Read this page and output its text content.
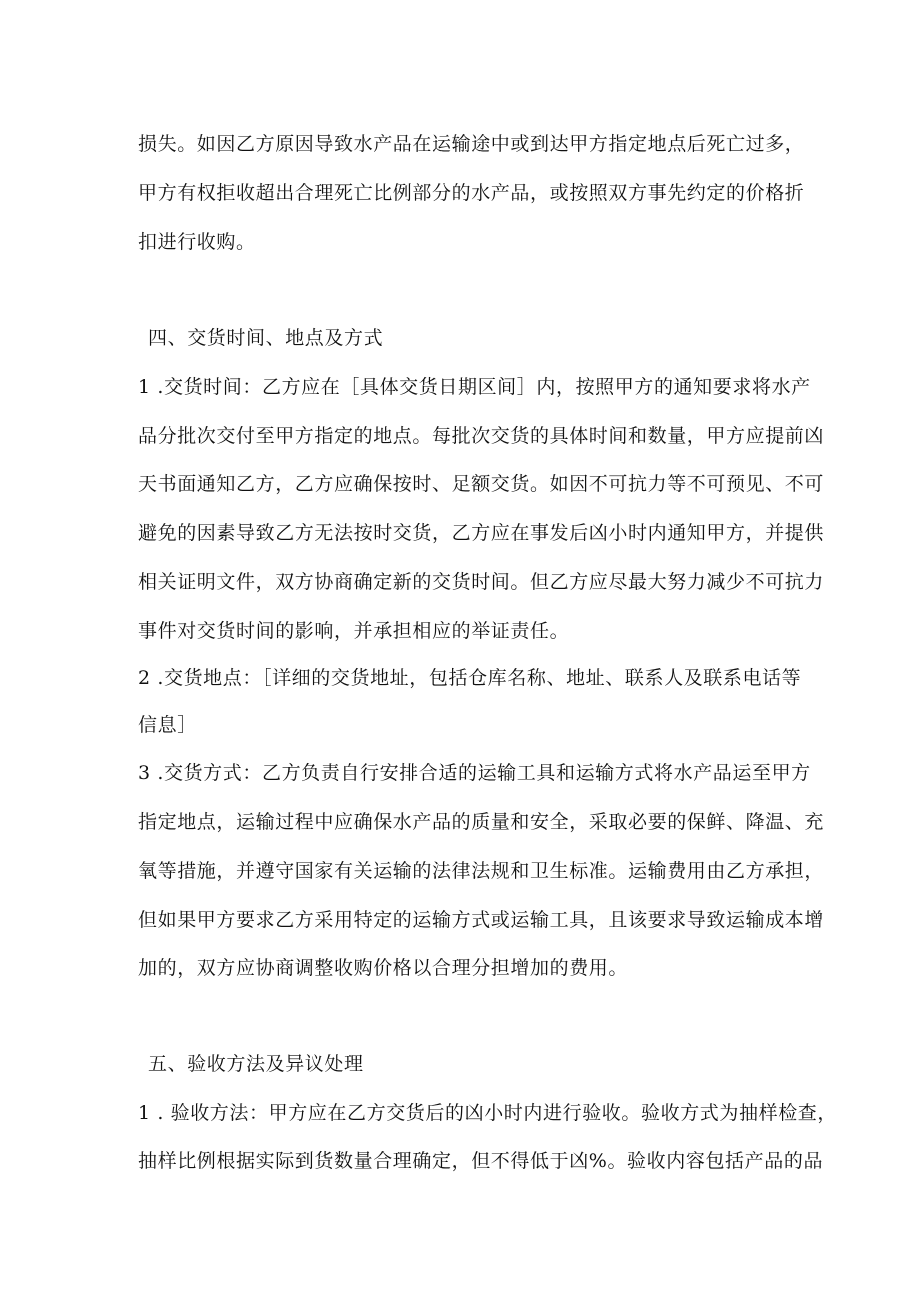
损失。如因乙方原因导致水产品在运输途中或到达甲方指定地点后死亡过多，
甲方有权拒收超出合理死亡比例部分的水产品，或按照双方事先约定的价格折
扣进行收购。
四、交货时间、地点及方式
1 .交货时间：乙方应在［具体交货日期区间］内，按照甲方的通知要求将水产
品分批次交付至甲方指定的地点。每批次交货的具体时间和数量，甲方应提前凶
天书面通知乙方，乙方应确保按时、足额交货。如因不可抗力等不可预见、不可
避免的因素导致乙方无法按时交货，乙方应在事发后凶小时内通知甲方，并提供
相关证明文件，双方协商确定新的交货时间。但乙方应尽最大努力减少不可抗力
事件对交货时间的影响，并承担相应的举证责任。
2 .交货地点：［详细的交货地址，包括仓库名称、地址、联系人及联系电话等
信息］
3 .交货方式：乙方负责自行安排合适的运输工具和运输方式将水产品运至甲方
指定地点，运输过程中应确保水产品的质量和安全，采取必要的保鲜、降温、充
氧等措施，并遵守国家有关运输的法律法规和卫生标准。运输费用由乙方承担，
但如果甲方要求乙方采用特定的运输方式或运输工具，且该要求导致运输成本增
加的，双方应协商调整收购价格以合理分担增加的费用。
五、验收方法及异议处理
1 . 验收方法：甲方应在乙方交货后的凶小时内进行验收。验收方式为抽样检查，
抽样比例根据实际到货数量合理确定，但不得低于凶%。验收内容包括产品的品
